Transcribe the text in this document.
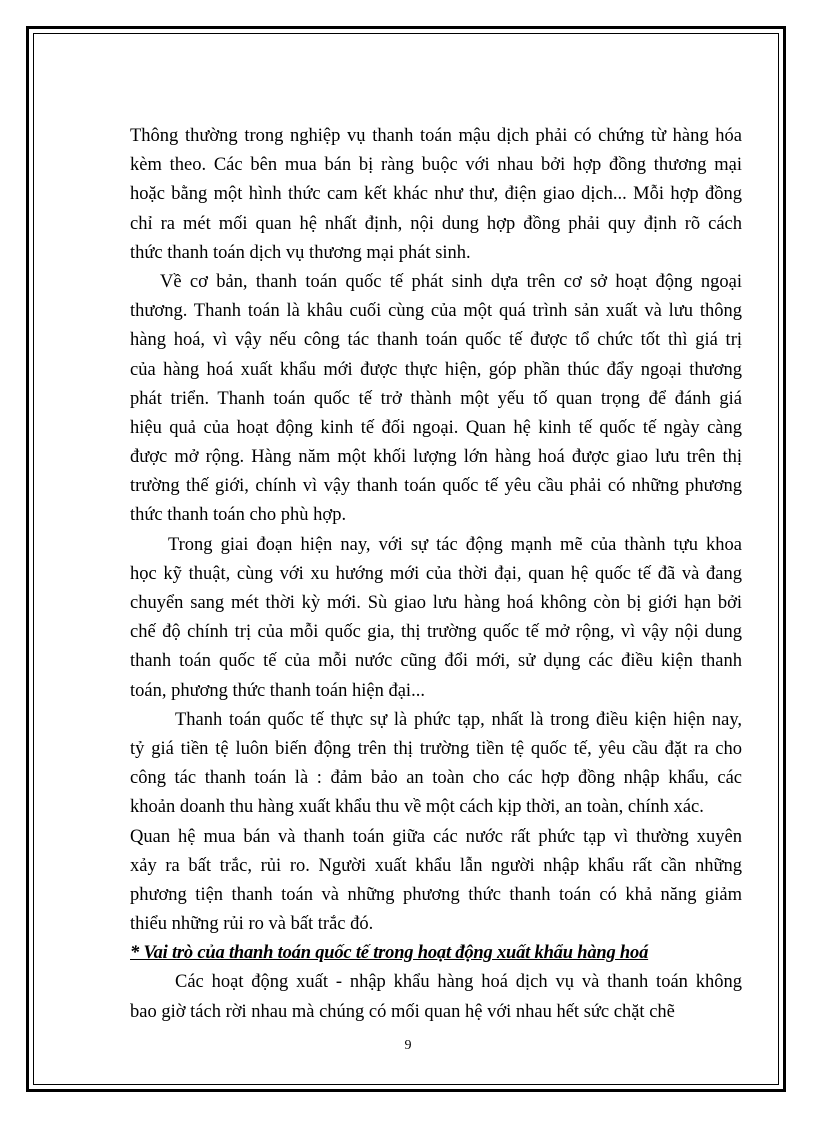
Thông thường trong nghiệp vụ thanh toán mậu dịch phải có chứng từ hàng hóa
kèm theo. Các bên mua bán bị ràng buộc với nhau bởi hợp đồng thương mại
hoặc bằng một hình thức cam kết khác như thư, điện giao dịch... Mỗi hợp đồng
chỉ ra mét mối quan hệ nhất định, nội dung hợp đồng phải quy định rõ cách
thức thanh toán dịch vụ thương mại phát sinh.
Về cơ bản, thanh toán quốc tế phát sinh dựa trên cơ sở hoạt động ngoại
thương. Thanh toán là khâu cuối cùng của một quá trình sản xuất và lưu thông
hàng hoá, vì vậy nếu công tác thanh toán quốc tế được tổ chức tốt thì giá trị
của hàng hoá xuất khẩu mới được thực hiện, góp phần thúc đẩy ngoại thương
phát triển. Thanh toán quốc tế trở thành một yếu tố quan trọng để đánh giá
hiệu quả của hoạt động kinh tế đối ngoại. Quan hệ kinh tế quốc tế ngày càng
được mở rộng. Hàng năm một khối lượng lớn hàng hoá được giao lưu trên thị
trường thế giới, chính vì vậy thanh toán quốc tế yêu cầu phải có những phương
thức thanh toán cho phù hợp.
Trong giai đoạn hiện nay, với sự tác động mạnh mẽ của thành tựu khoa
học kỹ thuật, cùng với xu hướng mới của thời đại, quan hệ quốc tế đã và đang
chuyển sang mét thời kỳ mới. Sù giao lưu hàng hoá không còn bị giới hạn bởi
chế độ chính trị của mỗi quốc gia, thị trường quốc tế mở rộng, vì vậy nội dung
thanh toán quốc tế của mỗi nước cũng đổi mới, sử dụng các điều kiện thanh
toán, phương thức thanh toán hiện đại...
Thanh toán quốc tế thực sự là phức tạp, nhất là trong điều kiện hiện nay,
tỷ giá tiền tệ luôn biến động trên thị trường tiền tệ quốc tế, yêu cầu đặt ra cho
công tác thanh toán là : đảm bảo an toàn cho các hợp đồng nhập khẩu, các
khoản doanh thu hàng xuất khẩu thu về một cách kịp thời, an toàn, chính xác.
Quan hệ mua bán và thanh toán giữa các nước rất phức tạp vì thường xuyên
xảy ra bất trắc, rủi ro. Người xuất khẩu lẫn người nhập khẩu rất cần những
phương tiện thanh toán và những phương thức thanh toán có khả năng giảm
thiểu những rủi ro và bất trắc đó.
* Vai trò của thanh toán quốc tế trong hoạt động xuất khẩu hàng hoá
Các hoạt động xuất - nhập khẩu hàng hoá dịch vụ và thanh toán không
bao giờ tách rời nhau mà chúng có mối quan hệ với nhau hết sức chặt chẽ
9
